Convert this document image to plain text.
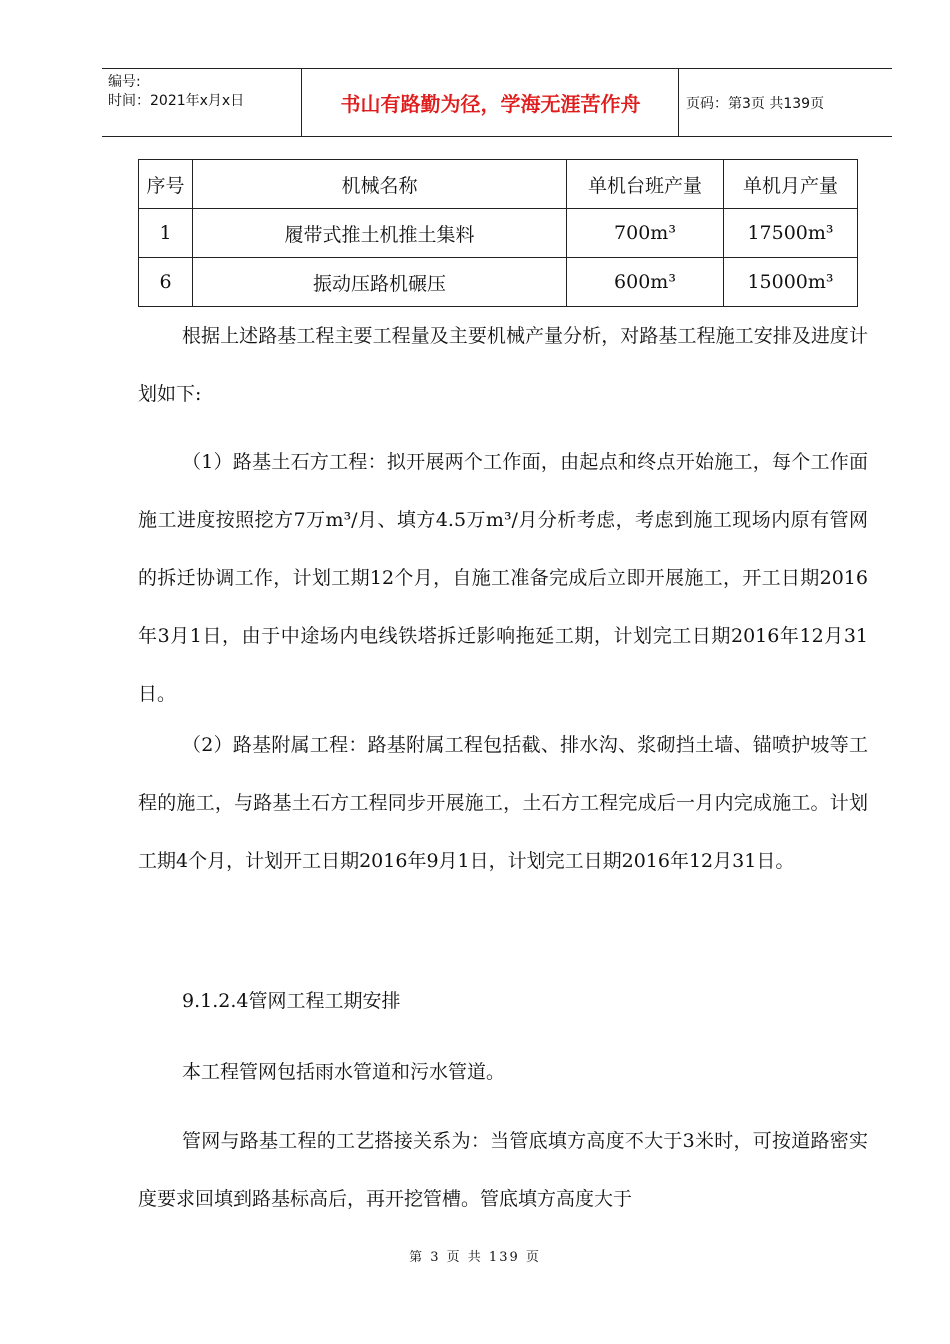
编号:
时间：2021年x月x日	书山有路勤为径，学海无涯苦作舟	页码：第3页 共139页
序号	机械名称	单机台班产量	单机月产量
1	履带式推土机推土集料	700m³	17500m³
6	振动压路机碾压	600m³	15000m³

根据上述路基工程主要工程量及主要机械产量分析，对路基工程施工安排及进度计划如下:

（1）路基土石方工程：拟开展两个工作面，由起点和终点开始施工，每个工作面施工进度按照挖方7万m³/月、填方4.5万m³/月分析考虑，考虑到施工现场内原有管网的拆迁协调工作，计划工期12个月，自施工准备完成后立即开展施工，开工日期2016年3月1日，由于中途场内电线铁塔拆迁影响拖延工期，计划完工日期2016年12月31日。

（2）路基附属工程：路基附属工程包括截、排水沟、浆砌挡土墙、锚喷护坡等工程的施工，与路基土石方工程同步开展施工，土石方工程完成后一月内完成施工。计划工期4个月，计划开工日期2016年9月1日，计划完工日期2016年12月31日。

9.1.2.4管网工程工期安排

本工程管网包括雨水管道和污水管道。

管网与路基工程的工艺搭接关系为：当管底填方高度不大于3米时，可按道路密实度要求回填到路基标高后，再开挖管槽。管底填方高度大于

第 3 页 共 139 页
